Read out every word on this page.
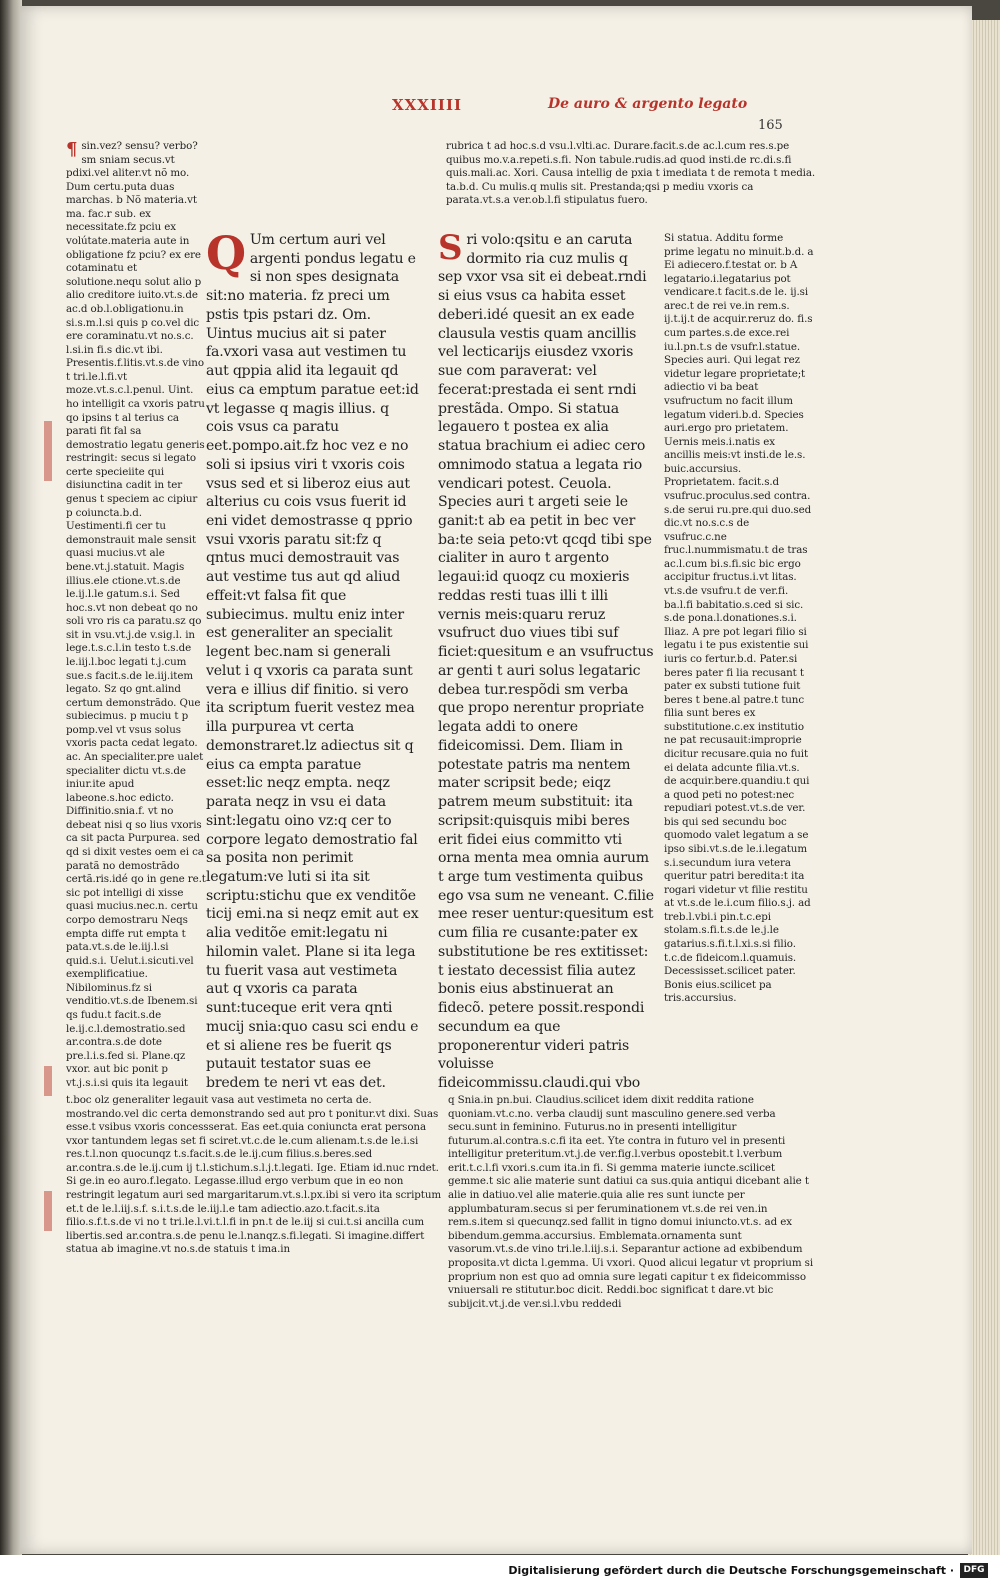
XXXIIII	De auro & argento legato
165
¶ sin.vez? sensu? verbo? sm sniam secus.vt pdixi.vel aliter.vt nõ mo. Dum certu.puta duas marchas. b Nõ materia.vt ma. fac.r sub. ex necessitate.fz pciu ex volútate.materia aute in obligatione fz pciu? ex ere cotaminatu et solutione.nequ solut alio p alio creditore iuito.vt.s.de ac.d ob.l.obligationu.in si.s.m.l.si quis p co.vel dic ere coraminatu.vt no.s.c. l.si.in fi.s dic.vt ibi. Presentis.f.litis.vt.s.de vino t tri.le.l.fi.vt moze.vt.s.c.l.penul. Uint. ho intelligit ca vxoris patru qo ipsins t al terius ca parati fit fal sa demostratio legatu generis restringit: secus si legato certe specieiite qui disiunctina cadit in ter genus t speciem ac cipiur p coiuncta.b.d. Uestimenti.fi cer tu demonstrauit male sensit quasi mucius.vt ale bene.vt.j.statuit. Magis illius.ele ctione.vt.s.de le.ij.l.le gatum.s.i. Sed hoc.s.vt non debeat qo no soli vro ris ca paratu.sz qo sit in vsu.vt.j.de v.sig.l. in lege.t.s.c.l.in testo t.s.de le.iij.l.boc legati t.j.cum sue.s facit.s.de le.iij.item legato. Sz qo gnt.alind certum demonstrãdo. Que subiecimus. p muciu t p pomp.vel vt vsus solus vxoris pacta cedat legato. ac. An specialiter.pre ualet specialiter dictu vt.s.de iniur.ite apud labeone.s.hoc edicto. Diffinitio.snia.f. vt no debeat nisi q so lius vxoris ca sit pacta Purpurea. sed qd si dixit vestes oem ei ca paratã no demostrãdo certã.ris.idé qo in gene re.t sic pot intelligi di xisse quasi mucius.nec.n. certu corpo demostraru Neqs empta diffe rut empta t pata.vt.s.de le.iij.l.si quid.s.i. Uelut.i.sicuti.vel exemplificatiue. Nibilominus.fz si venditio.vt.s.de Ibenem.si qs fudu.t facit.s.de le.ij.c.l.demostratio.sed ar.contra.s.de dote pre.l.i.s.fed si. Plane.qz vxor. aut bic ponit p vt.j.s.i.si quis ita legauit
Q Um certum auri vel argenti pondus legatu e si non spes designata sit:no materia. fz preci um pstis tpis pstari dz. Om. Uintus mucius ait si pater fa.vxori vasa aut vestimen tu aut qppia alid ita legauit qd eius ca emptum paratue eet:id vt legasse q magis illius. q cois vsus ca paratu eet.pompo.ait.fz hoc vez e no soli si ipsius viri t vxoris cois vsus sed et si liberoz eius aut alterius cu cois vsus fuerit id eni videt demostrasse q pprio vsui vxoris paratu sit:fz q qntus muci demostrauit vas aut vestime tus aut qd aliud effeit:vt falsa fit que subiecimus. multu eniz inter est generaliter an specialit legent bec.nam si generali velut i q vxoris ca parata sunt vera e illius dif finitio. si vero ita scriptum fuerit vestez mea illa purpurea vt certa demonstraret.lz adiectus sit q eius ca empta paratue esset:lic neqz empta. neqz parata neqz in vsu ei data sint:legatu oino vz:q cer to corpore legato demostratio fal sa posita non perimit legatum:ve luti si ita sit scriptu:stichu que ex venditõe ticij emi.na si neqz emit aut ex alia veditõe emit:legatu ni hilomin valet. Plane si ita lega tu fuerit vasa aut vestimeta aut q vxoris ca parata sunt:tuceque erit vera qnti mucij snia:quo casu sci endu e et si aliene res be fuerit qs putauit testator suas ee bredem te neri vt eas det.
rubrica t ad hoc.s.d vsu.l.vlti.ac. Durare.facit.s.de ac.l.cum res.s.pe quibus mo.v.a.repeti.s.fi. Non tabule.rudis.ad quod insti.de rc.di.s.fi quis.mali.ac. Xori. Causa intellig de pxia t imediata t de remota t media. ta.b.d. Cu mulis.q mulis sit. Prestanda;qsi p mediu vxoris ca parata.vt.s.a ver.ob.l.fi stipulatus fuero.
S ri volo:qsitu e an caruta dormito ria cuz mulis q sep vxor vsa sit ei debeat.rndi si eius vsus ca habita esset deberi.idé quesit an ex eade clausula vestis quam ancillis vel lecticarijs eiusdez vxoris sue com paraverat: vel fecerat:prestada ei sent rndi prestãda. Ompo. Si statua legauero t postea ex alia statua brachium ei adiec cero omnimodo statua a legata rio vendicari potest. Ceuola. Species auri t argeti seie le ganit:t ab ea petit in bec ver ba:te seia peto:vt qcqd tibi spe cialiter in auro t argento legaui:id quoqz cu moxieris reddas resti tuas illi t illi vernis meis:quaru reruz vsufruct duo viues tibi suf ficiet:quesitum e an vsufructus ar genti t auri solus legataric debea tur.respõdi sm verba que propo nerentur propriate legata addi to onere fideicomissi. Dem. Iliam in potestate patris ma nentem mater scripsit bede; eiqz patrem meum substituit: ita scripsit:quisquis mibi beres erit fidei eius committo vti orna menta mea omnia aurum t arge tum vestimenta quibus ego vsa sum ne veneant. C.filie mee reser uentur:quesitum est cum filia re cusante:pater ex substitutione be res extitisset: t iestato decessist filia autez bonis eius abstinuerat an fidecõ. petere possit.respondi secundum ea que proponerentur videri patris voluisse fideicommissu.claudi.qui vbo
Si statua. Additu forme prime legatu no minuit.b.d. a Ei adiecero.f.testat or. b A legatario.i.legatarius pot vendicare.t facit.s.de le. ij.si arec.t de rei ve.in rem.s. ij.t.ij.t de acquir.reruz do. fi.s cum partes.s.de exce.rei iu.l.pn.t.s de vsufr.l.statue. Species auri. Qui legat rez videtur legare proprietate;t adiectio vi ba beat vsufructum no facit illum legatum videri.b.d. Species auri.ergo pro prietatem. Uernis meis.i.natis ex ancillis meis:vt insti.de le.s. buic.accursius. Proprietatem. facit.s.d vsufruc.proculus.sed contra. s.de serui ru.pre.qui duo.sed dic.vt no.s.c.s de vsufruc.c.ne fruc.l.nummismatu.t de tras ac.l.cum bi.s.fi.sic bic ergo accipitur fructus.i.vt litas. vt.s.de vsufru.t de ver.fi. ba.l.fi babitatio.s.ced si sic. s.de pona.l.donationes.s.i. Iliaz. A pre pot legari filio si legatu i te pus existentie sui iuris co fertur.b.d. Pater.si beres pater fi lia recusant t pater ex substi tutione fuit beres t bene.al patre.t tunc filia sunt beres ex substitutione.c.ex institutio ne pat recusauit:improprie dicitur recusare.quia no fuit ei delata adcunte filia.vt.s. de acquir.bere.quandiu.t qui a quod peti no potest:nec repudiari potest.vt.s.de ver. bis qui sed secundu boc quomodo valet legatum a se ipso sibi.vt.s.de le.i.legatum s.i.secundum iura vetera queritur patri beredita:t ita rogari videtur vt filie restitu at vt.s.de le.i.cum filio.s.j. ad treb.l.vbi.i pin.t.c.epi stolam.s.fi.t.s.de le.j.le gatarius.s.fi.t.l.xi.s.si filio. t.c.de fideicom.l.quamuis. Decessisset.scilicet pater. Bonis eius.scilicet pa tris.accursius.
t.boc olz generaliter legauit vasa aut vestimeta no certa de. mostrando.vel dic certa demonstrando sed aut pro t ponitur.vt dixi. Suas esse.t vsibus vxoris concessserat. Eas eet.quia coniuncta erat persona vxor tantundem legas set fi sciret.vt.c.de le.cum alienam.t.s.de le.i.si res.t.l.non quocunqz t.s.facit.s.de le.ij.cum filius.s.beres.sed ar.contra.s.de le.ij.cum ij t.l.stichum.s.l.j.t.legati. Ige. Etiam id.nuc rndet. Si ge.in eo auro.f.legato. Legasse.illud ergo verbum que in eo non restringit legatum auri sed margaritarum.vt.s.l.px.ibi si vero ita scriptum et.t de le.l.iij.s.f. s.i.t.s.de le.iij.l.e tam adiectio.azo.t.facit.s.ita filio.s.f.t.s.de vi no t tri.le.l.vi.t.l.fi in pn.t de le.iij si cui.t.si ancilla cum libertis.sed ar.contra.s.de penu le.l.nanqz.s.fi.legati. Si imagine.differt statua ab imagine.vt no.s.de statuis t ima.in
q Snia.in pn.bui. Claudius.scilicet idem dixit reddita ratione quoniam.vt.c.no. verba claudij sunt masculino genere.sed verba secu.sunt in feminino. Futurus.no in presenti intelligitur futurum.al.contra.s.c.fi ita eet. Yte contra in futuro vel in presenti intelligitur preteritum.vt.j.de ver.fig.l.verbus opostebit.t l.verbum erit.t.c.l.fi vxori.s.cum ita.in fi. Si gemma materie iuncte.scilicet gemme.t sic alie materie sunt datiui ca sus.quia antiqui dicebant alie t alie in datiuo.vel alie materie.quia alie res sunt iuncte per applumbaturam.secus si per feruminationem vt.s.de rei ven.in rem.s.item si quecunqz.sed fallit in tigno domui iniuncto.vt.s. ad ex bibendum.gemma.accursius. Emblemata.ornamenta sunt vasorum.vt.s.de vino tri.le.l.iij.s.i. Separantur actione ad exbibendum proposita.vt dicta l.gemma. Ui vxori. Quod alicui legatur vt proprium si proprium non est quo ad omnia sure legati capitur t ex fideicommisso vniuersali re stitutur.boc dicit. Reddi.boc significat t dare.vt bic subijcit.vt.j.de ver.si.l.vbu reddedi
Digitalisierung gefördert durch die Deutsche Forschungsgemeinschaft ·	DFG
